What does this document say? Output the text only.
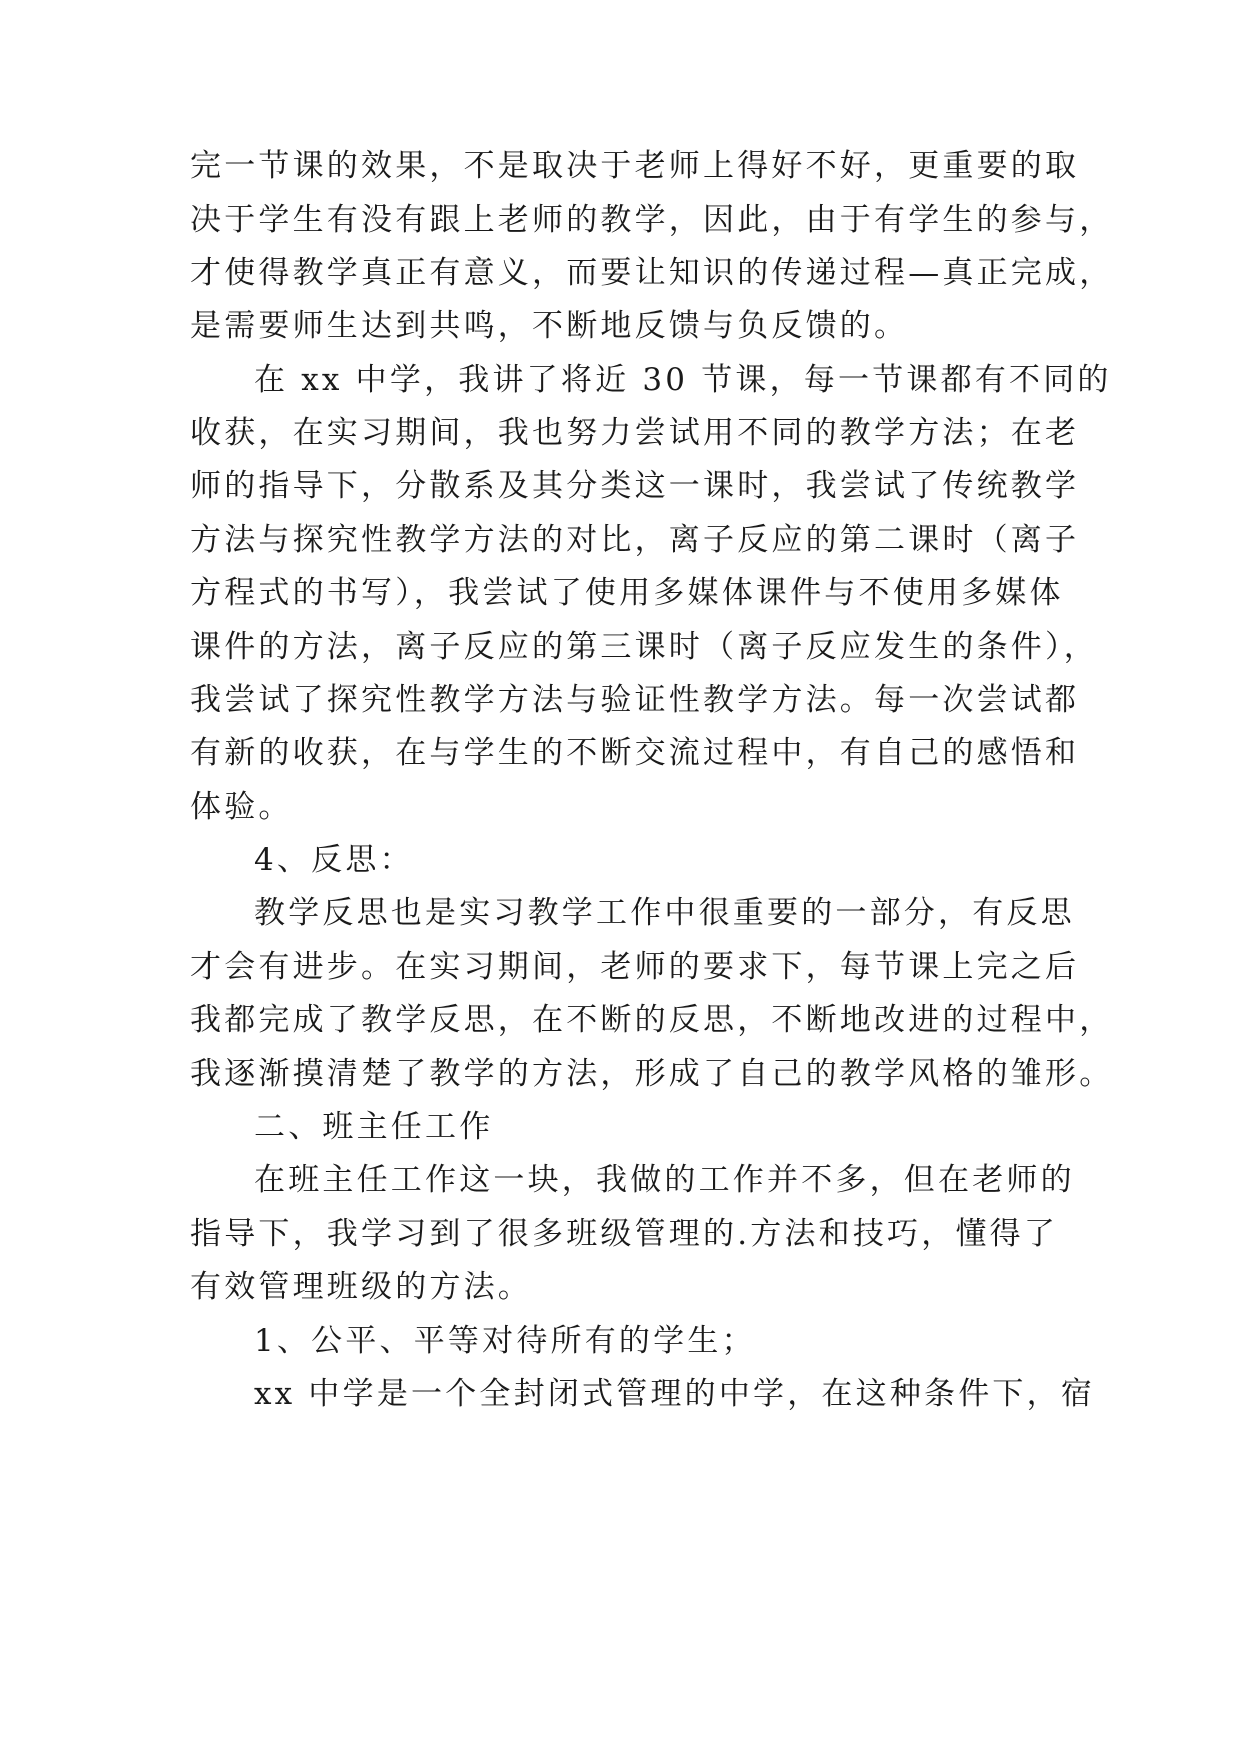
完一节课的效果，不是取决于老师上得好不好，更重要的取
决于学生有没有跟上老师的教学，因此，由于有学生的参与，
才使得教学真正有意义，而要让知识的传递过程—真正完成，
是需要师生达到共鸣，不断地反馈与负反馈的。
在 xx 中学，我讲了将近 30 节课，每一节课都有不同的
收获，在实习期间，我也努力尝试用不同的教学方法；在老
师的指导下，分散系及其分类这一课时，我尝试了传统教学
方法与探究性教学方法的对比，离子反应的第二课时（离子
方程式的书写），我尝试了使用多媒体课件与不使用多媒体
课件的方法，离子反应的第三课时（离子反应发生的条件），
我尝试了探究性教学方法与验证性教学方法。每一次尝试都
有新的收获，在与学生的不断交流过程中，有自己的感悟和
体验。
4、反思：
教学反思也是实习教学工作中很重要的一部分，有反思
才会有进步。在实习期间，老师的要求下，每节课上完之后
我都完成了教学反思，在不断的反思，不断地改进的过程中，
我逐渐摸清楚了教学的方法，形成了自己的教学风格的雏形。
二、班主任工作
在班主任工作这一块，我做的工作并不多，但在老师的
指导下，我学习到了很多班级管理的.方法和技巧，懂得了
有效管理班级的方法。
1、公平、平等对待所有的学生；
xx 中学是一个全封闭式管理的中学，在这种条件下，宿
